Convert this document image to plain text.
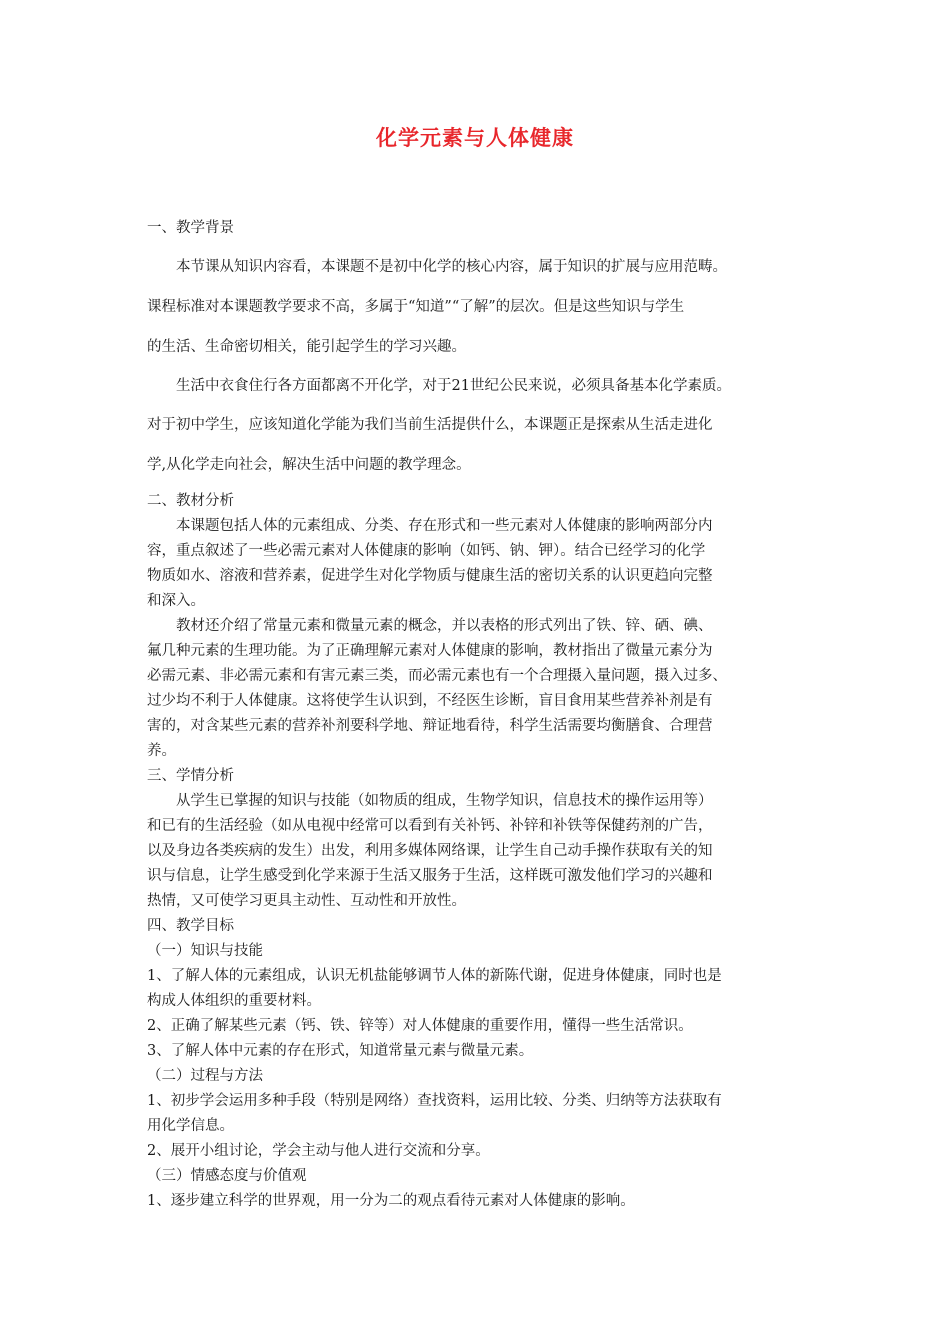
化学元素与人体健康
一、教学背景
本节课从知识内容看，本课题不是初中化学的核心内容，属于知识的扩展与应用范畴。
课程标准对本课题教学要求不高，多属于“知道”“了解”的层次。但是这些知识与学生
的生活、生命密切相关，能引起学生的学习兴趣。
生活中衣食住行各方面都离不开化学，对于21世纪公民来说，必须具备基本化学素质。
对于初中学生，应该知道化学能为我们当前生活提供什么，本课题正是探索从生活走进化
学,从化学走向社会，解决生活中问题的教学理念。
二、教材分析
本课题包括人体的元素组成、分类、存在形式和一些元素对人体健康的影响两部分内
容，重点叙述了一些必需元素对人体健康的影响（如钙、钠、钾）。结合已经学习的化学
物质如水、溶液和营养素，促进学生对化学物质与健康生活的密切关系的认识更趋向完整
和深入。
教材还介绍了常量元素和微量元素的概念，并以表格的形式列出了铁、锌、硒、碘、
氟几种元素的生理功能。为了正确理解元素对人体健康的影响，教材指出了微量元素分为
必需元素、非必需元素和有害元素三类，而必需元素也有一个合理摄入量问题，摄入过多、
过少均不利于人体健康。这将使学生认识到，不经医生诊断，盲目食用某些营养补剂是有
害的，对含某些元素的营养补剂要科学地、辩证地看待，科学生活需要均衡膳食、合理营
养。
三、学情分析
从学生已掌握的知识与技能（如物质的组成，生物学知识，信息技术的操作运用等）
和已有的生活经验（如从电视中经常可以看到有关补钙、补锌和补铁等保健药剂的广告，
以及身边各类疾病的发生）出发，利用多媒体网络课，让学生自己动手操作获取有关的知
识与信息，让学生感受到化学来源于生活又服务于生活，这样既可激发他们学习的兴趣和
热情，又可使学习更具主动性、互动性和开放性。
四、教学目标
（一）知识与技能
1、了解人体的元素组成，认识无机盐能够调节人体的新陈代谢，促进身体健康，同时也是
构成人体组织的重要材料。
2、正确了解某些元素（钙、铁、锌等）对人体健康的重要作用，懂得一些生活常识。
3、了解人体中元素的存在形式，知道常量元素与微量元素。
（二）过程与方法
1、初步学会运用多种手段（特别是网络）查找资料，运用比较、分类、归纳等方法获取有
用化学信息。
2、展开小组讨论，学会主动与他人进行交流和分享。
（三）情感态度与价值观
1、逐步建立科学的世界观，用一分为二的观点看待元素对人体健康的影响。
